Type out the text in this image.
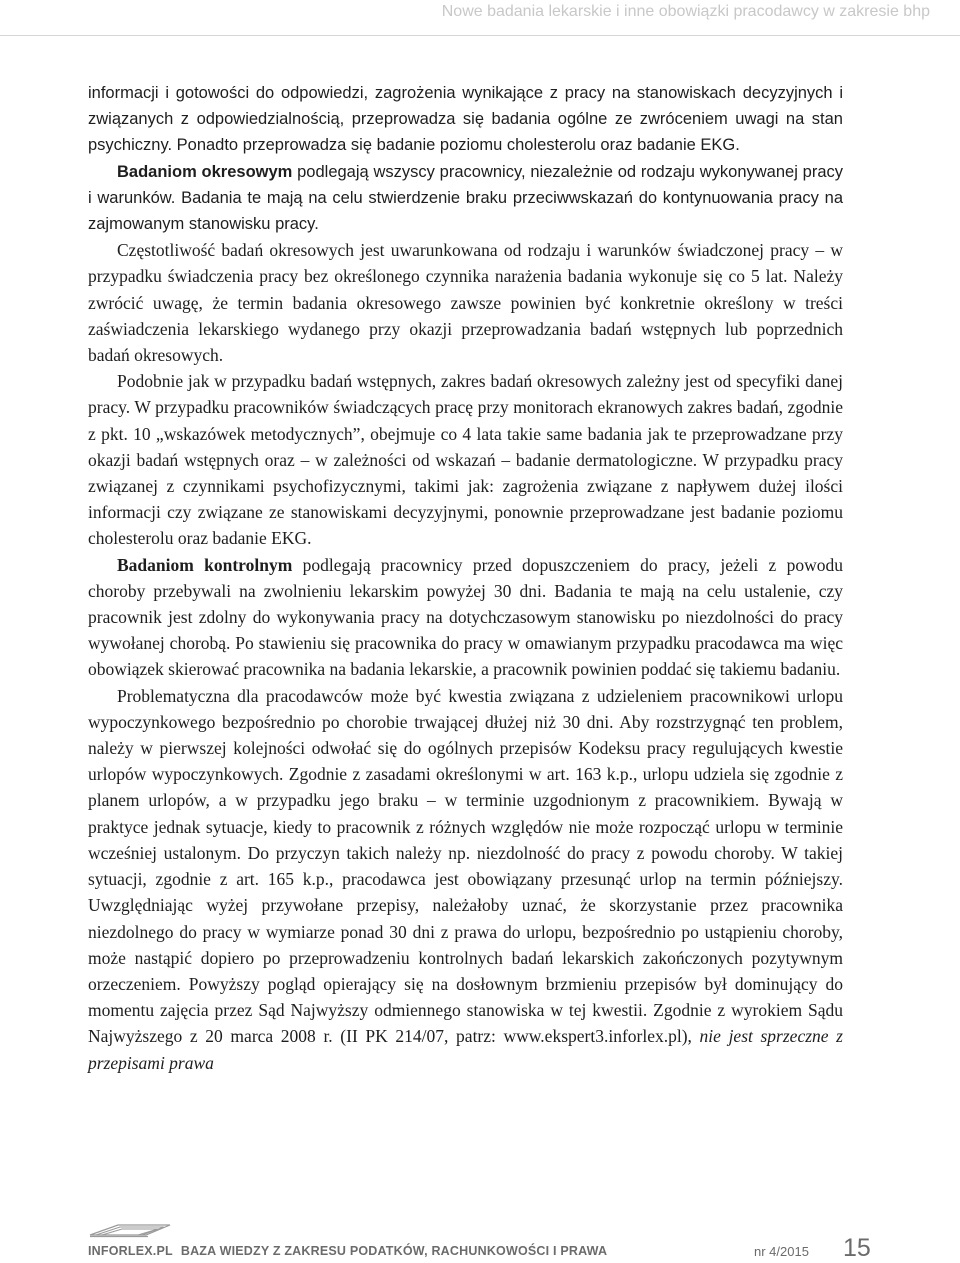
Nowe badania lekarskie i inne obowiązki pracodawcy w zakresie bhp

informacji i gotowości do odpowiedzi, zagrożenia wynikające z pracy na stanowiskach decyzyjnych i związanych z odpowiedzialnością, przeprowadza się badania ogólne ze zwróceniem uwagi na stan psychiczny. Ponadto przeprowadza się badanie poziomu cholesterolu oraz badanie EKG.

Badaniom okresowym podlegają wszyscy pracownicy, niezależnie od rodzaju wykonywanej pracy i warunków. Badania te mają na celu stwierdzenie braku przeciwwskazań do kontynuowania pracy na zajmowanym stanowisku pracy.

Częstotliwość badań okresowych jest uwarunkowana od rodzaju i warunków świadczonej pracy – w przypadku świadczenia pracy bez określonego czynnika narażenia badania wykonuje się co 5 lat. Należy zwrócić uwagę, że termin badania okresowego zawsze powinien być konkretnie określony w treści zaświadczenia lekarskiego wydanego przy okazji przeprowadzania badań wstępnych lub poprzednich badań okresowych.

Podobnie jak w przypadku badań wstępnych, zakres badań okresowych zależny jest od specyfiki danej pracy. W przypadku pracowników świadczących pracę przy monitorach ekranowych zakres badań, zgodnie z pkt. 10 „wskazówek metodycznych”, obejmuje co 4 lata takie same badania jak te przeprowadzane przy okazji badań wstępnych oraz – w zależności od wskazań – badanie dermatologiczne. W przypadku pracy związanej z czynnikami psychofizycznymi, takimi jak: zagrożenia związane z napływem dużej ilości informacji czy związane ze stanowiskami decyzyjnymi, ponownie przeprowadzane jest badanie poziomu cholesterolu oraz badanie EKG.

Badaniom kontrolnym podlegają pracownicy przed dopuszczeniem do pracy, jeżeli z powodu choroby przebywali na zwolnieniu lekarskim powyżej 30 dni. Badania te mają na celu ustalenie, czy pracownik jest zdolny do wykonywania pracy na dotychczasowym stanowisku po niezdolności do pracy wywołanej chorobą. Po stawieniu się pracownika do pracy w omawianym przypadku pracodawca ma więc obowiązek skierować pracownika na badania lekarskie, a pracownik powinien poddać się takiemu badaniu.

Problematyczna dla pracodawców może być kwestia związana z udzieleniem pracownikowi urlopu wypoczynkowego bezpośrednio po chorobie trwającej dłużej niż 30 dni. Aby rozstrzygnąć ten problem, należy w pierwszej kolejności odwołać się do ogólnych przepisów Kodeksu pracy regulujących kwestie urlopów wypoczynkowych. Zgodnie z zasadami określonymi w art. 163 k.p., urlopu udziela się zgodnie z planem urlopów, a w przypadku jego braku – w terminie uzgodnionym z pracownikiem. Bywają w praktyce jednak sytuacje, kiedy to pracownik z różnych względów nie może rozpocząć urlopu w terminie wcześniej ustalonym. Do przyczyn takich należy np. niezdolność do pracy z powodu choroby. W takiej sytuacji, zgodnie z art. 165 k.p., pracodawca jest obowiązany przesunąć urlop na termin późniejszy. Uwzględniając wyżej przywołane przepisy, należałoby uznać, że skorzystanie przez pracownika niezdolnego do pracy w wymiarze ponad 30 dni z prawa do urlopu, bezpośrednio po ustąpieniu choroby, może nastąpić dopiero po przeprowadzeniu kontrolnych badań lekarskich zakończonych pozytywnym orzeczeniem. Powyższy pogląd opierający się na dosłownym brzmieniu przepisów był dominujący do momentu zajęcia przez Sąd Najwyższy odmiennego stanowiska w tej kwestii. Zgodnie z wyrokiem Sądu Najwyższego z 20 marca 2008 r. (II PK 214/07, patrz: www.ekspert3.inforlex.pl), nie jest sprzeczne z przepisami prawa

INFORLEX.PL BAZA WIEDZY Z ZAKRESU PODATKÓW, RACHUNKOWOŚCI I PRAWA	nr 4/2015 15
